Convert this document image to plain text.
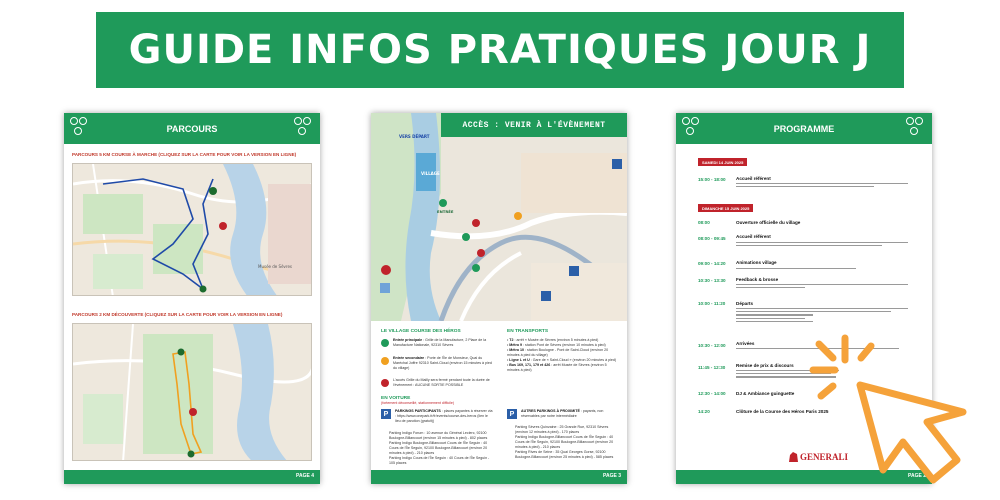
GUIDE INFOS PRATIQUES JOUR J
PARCOURS
PARCOURS 5 KM COURSE À MARCHE (CLIQUEZ SUR LA CARTE POUR VOIR LA VERSION EN LIGNE)
Musée de Sèvres
PARCOURS 2 KM DÉCOUVERTE (CLIQUEZ SUR LA CARTE POUR VOIR LA VERSION EN LIGNE)
PAGE 4
VERS DÉPART
VILLAGE
ENTRÉE
ACCÈS : VENIR À L'ÉVÈNEMENT
LE VILLAGE COURSE DES HÉROS
Entrée principale : Grille de la Manufacture, 2 Place de la Manufacture Nationale, 92310 Sèvres
Entrée secondaire : Porte de l'Île de Monsieur, Quai du Maréchal Joffre 92310 Saint-Cloud (environ 15 minutes à pied du village)
L'accès Grille du Mailly sera fermé pendant toute la durée de l'événement : AUCUNE SORTIE POSSIBLE
EN TRANSPORTS
• T2 : arrêt « Musée de Sèvres (environ 5 minutes à pied)
• Métro 9 : station Pont de Sèvres (environ 10 minutes à pied)
• Métro 10 : station Boulogne - Pont de Saint-Cloud (environ 20 minutes à pied du village)
• Ligne L et U : Gare de « Saint-Cloud » (environ 20 minutes à pied)
• Bus 169, 171, 179 et 426 : arrêt Musée de Sèvres (environ 5 minutes à pied)
EN VOITURE
(fortement déconseillé, stationnement difficile)
P	PARKINGS PARTICIPANTS : places payantes à réserver via : https://www.onepark.fr/fr/events/course-des-heros (lien le lieu de parution (gratuit))
Parking Indigo Forum : 10 avenue du Général Leclerc, 92100 Boulogne-Billancourt (environ 15 minutes à pied) - 802 places
Parking Indigo Boulogne-Billancourt Cours de l'Île Seguin : 40 Cours de l'Île Seguin, 92100 Boulogne-Billancourt (environ 20 minutes à pied) - 210 places
Parking Indigo Cours de l'Île Seguin : 40 Cours de l'Île Seguin - 105 places
P	AUTRES PARKINGS À PROXIMITÉ : payants, non réservables par notre intermédiaire
Parking Sèvres Quinzaine : 25 Grande Rue, 92310 Sèvres (environ 12 minutes à pied) - 170 places
Parking Indigo Boulogne-Billancourt Cours de l'Île Seguin : 40 Cours de l'Île Seguin, 92100 Boulogne-Billancourt (environ 20 minutes à pied) - 210 places
Parking Rives de Seine : 35 Quai Georges Gorse, 92100 Boulogne-Billancourt (environ 25 minutes à pied) - 585 places
PAGE 3
PROGRAMME
SAMEDI 14 JUIN 2025
15:00 - 18:00 Accueil référent
DIMANCHE 15 JUIN 2025
08:00	Ouverture officielle du village
08:00 - 09:45 Accueil référent
09:00 - 14:20 Animations village
10:30 - 13:30 Feedback & brosse
10:00 - 11:20 Départs
10:30 - 12:00 Arrivées
11:45 - 12:30 Remise de prix & discours
12:30 - 14:00 DJ & Ambiance guinguette
14:20	Clôture de la Course des Héros Paris 2025
GENERALI
PAGE 2
